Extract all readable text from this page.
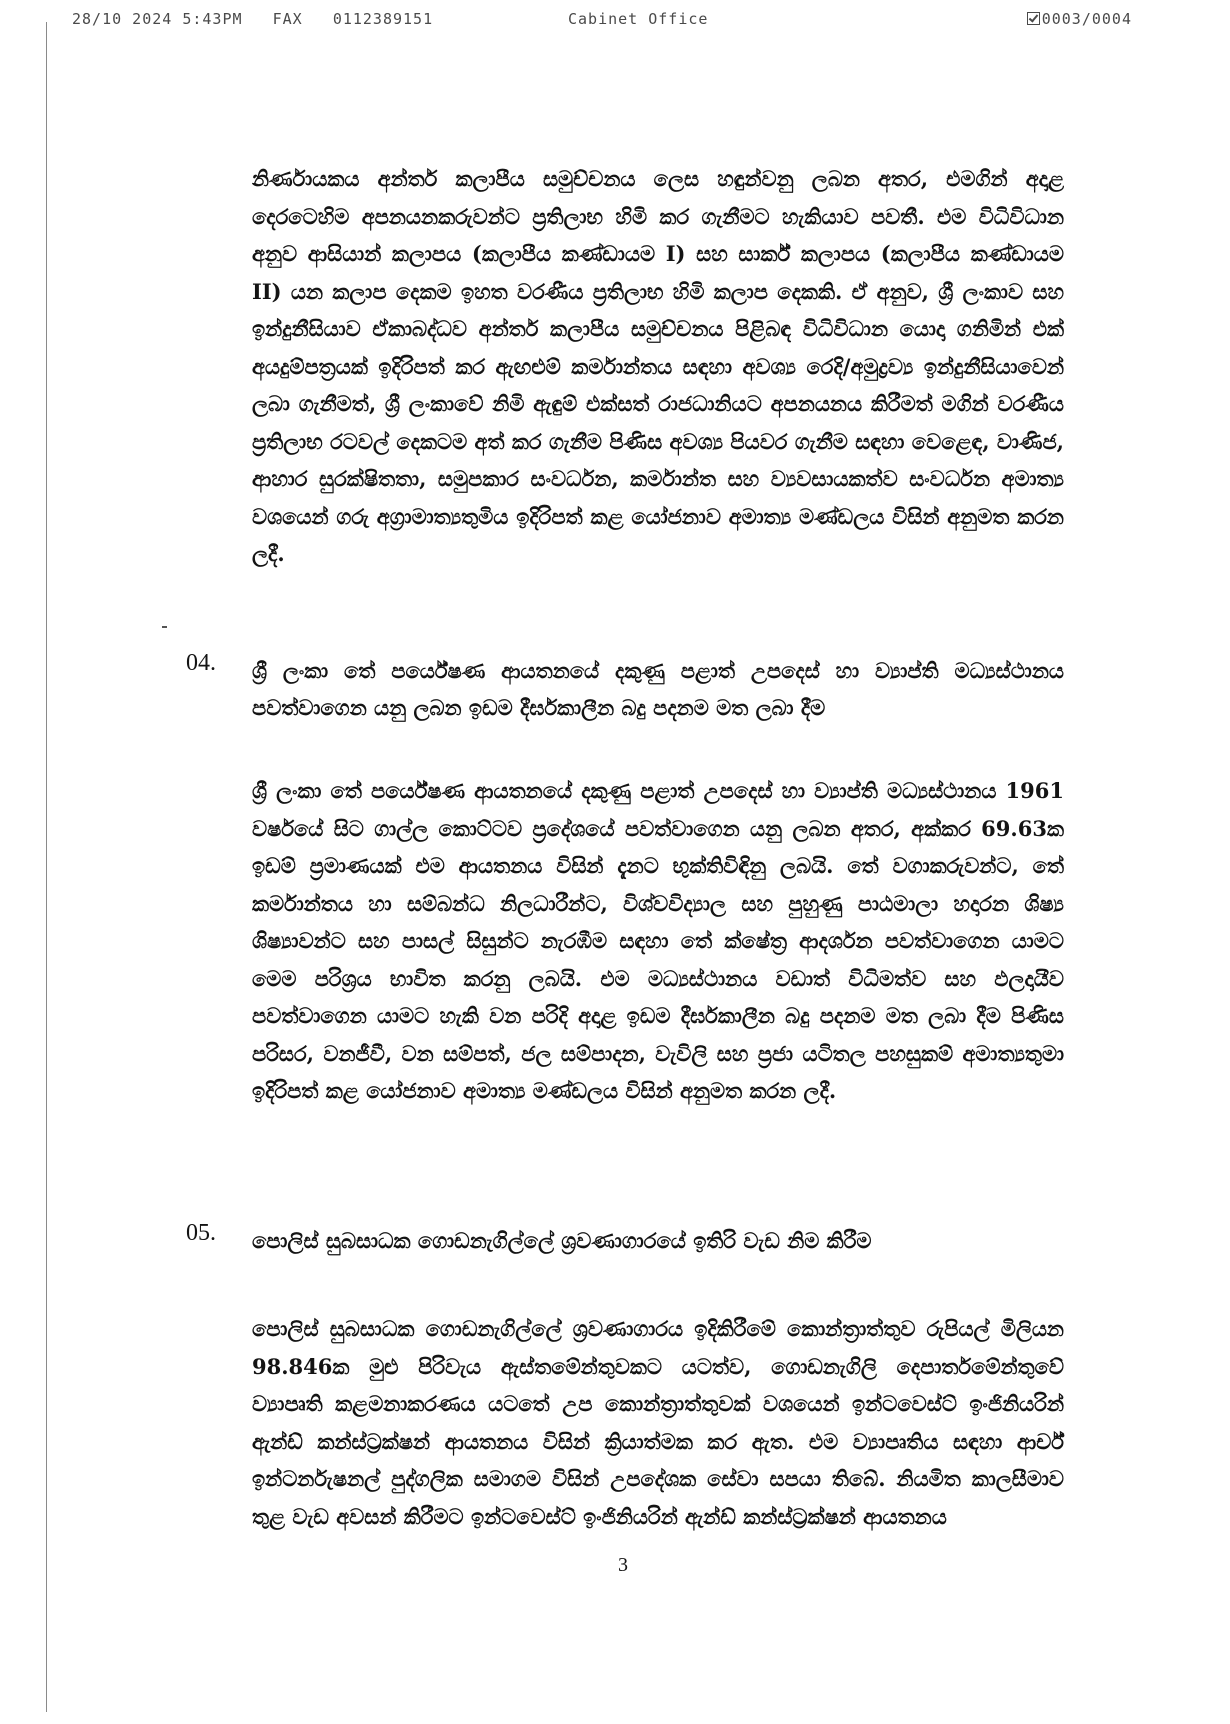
28/10 2024 5:43PM FAX 0112389151	Cabinet Office	0003/0004

නිර්ණායකය අන්තර් කලාපීය සමුච්චනය ලෙස හඳුන්වනු ලබන අතර, එමගින් අදාළ දෙරටෙහිම අපනයනකරුවන්ට ප්‍රතිලාභ හිමි කර ගැනීමට හැකියාව පවතී. එම විධිවිධාන අනුව ආසියාන් කලාපය (කලාපීය කණ්ඩායම I) සහ සාර්ක් කලාපය (කලාපීය කණ්ඩායම II) යන කලාප දෙකම ඉහත වරණීය ප්‍රතිලාභ හිමි කලාප දෙකකි. ඒ අනුව, ශ්‍රී ලංකාව සහ ඉන්දුනීසියාව ඒකාබද්ධව අන්තර් කලාපීය සමුච්චනය පිළිබඳ විධිවිධාන යොදා ගනිමින් එක් අයදුම්පත්‍රයක් ඉදිරිපත් කර ඇඟළුම් කර්මාන්තය සඳහා අවශ්‍ය රෙදි/අමුද්‍රව්‍ය ඉන්දුනීසියාවෙන් ලබා ගැනීමත්, ශ්‍රී ලංකාවේ නිමි ඇඳුම් එක්සත් රාජධානියට අපනයනය කිරීමත් මගින් වරණීය ප්‍රතිලාභ රටවල් දෙකටම අත් කර ගැනීම පිණිස අවශ්‍ය පියවර ගැනීම සඳහා වෙළෙඳ, වාණිජ, ආහාර සුරක්ෂිතතා, සමුපකාර සංවර්ධන, කර්මාන්ත සහ ව්‍යවසායකත්ව සංවර්ධන අමාත්‍ය වශයෙන් ගරු අග්‍රාමාත්‍යතුමිය ඉදිරිපත් කළ යෝජනාව අමාත්‍ය මණ්ඩලය විසින් අනුමත කරන ලදී.

04. ශ්‍රී ලංකා තේ පර්යේෂණ ආයතනයේ දකුණු පළාත් උපදෙස් හා ව්‍යාප්ති මධ්‍යස්ථානය පවත්වාගෙන යනු ලබන ඉඩම දීර්ඝකාලීන බදු පදනම මත ලබා දීම

ශ්‍රී ලංකා තේ පර්යේෂණ ආයතනයේ දකුණු පළාත් උපදෙස් හා ව්‍යාප්ති මධ්‍යස්ථානය 1961 වර්ෂයේ සිට ගාල්ල කොට්ටව ප්‍රදේශයේ පවත්වාගෙන යනු ලබන අතර, අක්කර 69.63ක ඉඩම් ප්‍රමාණයක් එම ආයතනය විසින් දැනට භුක්තිවිඳිනු ලබයි. තේ වගාකරුවන්ට, තේ කර්මාන්තය හා සම්බන්ධ නිලධාරීන්ට, විශ්වවිද්‍යාල සහ පුහුණු පාඨමාලා හදාරන ශිෂ්‍ය ශිෂ්‍යාවන්ට සහ පාසල් සිසුන්ට නැරඹීම සඳහා තේ ක්ෂේත්‍ර ආදර්ශන පවත්වාගෙන යාමට මෙම පරිශ්‍රය භාවිත කරනු ලබයි. එම මධ්‍යස්ථානය වඩාත් විධිමත්ව සහ ඵලදායීව පවත්වාගෙන යාමට හැකි වන පරිදි අදාළ ඉඩම දීර්ඝකාලීන බදු පදනම මත ලබා දීම පිණිස පරිසර, වනජීවී, වන සම්පත්, ජල සම්පාදන, වැවිලි සහ ප්‍රජා යටිතල පහසුකම් අමාත්‍යතුමා ඉදිරිපත් කළ යෝජනාව අමාත්‍ය මණ්ඩලය විසින් අනුමත කරන ලදී.

05. පොලිස් සුබසාධක ගොඩනැගිල්ලේ ශ්‍රවණාගාරයේ ඉතිරි වැඩ නිම කිරීම

පොලිස් සුබසාධක ගොඩනැගිල්ලේ ශ්‍රවණාගාරය ඉදිකිරීමේ කොන්ත්‍රාත්තුව රුපියල් මිලියන 98.846ක මුළු පිරිවැය ඇස්තමේන්තුවකට යටත්ව, ගොඩනැගිලි දෙපාර්තමේන්තුවේ ව්‍යාපෘති කළමනාකරණය යටතේ උප කොන්ත්‍රාත්තුවක් වශයෙන් ඉන්ටවෙස්ට් ඉංජිනියරින් ඇන්ඩ් කන්ස්ට්‍රක්ෂන් ආයතනය විසින් ක්‍රියාත්මක කර ඇත. එම ව්‍යාපෘතිය සඳහා ආර්ච් ඉන්ටර්නැෂනල් පුද්ගලික සමාගම විසින් උපදේශක සේවා සපයා තිබේ. නියමිත කාලසීමාව තුළ වැඩ අවසන් කිරීමට ඉන්ටවෙස්ට් ඉංජිනියරින් ඇන්ඩ් කන්ස්ට්‍රක්ෂන් ආයතනය

3
